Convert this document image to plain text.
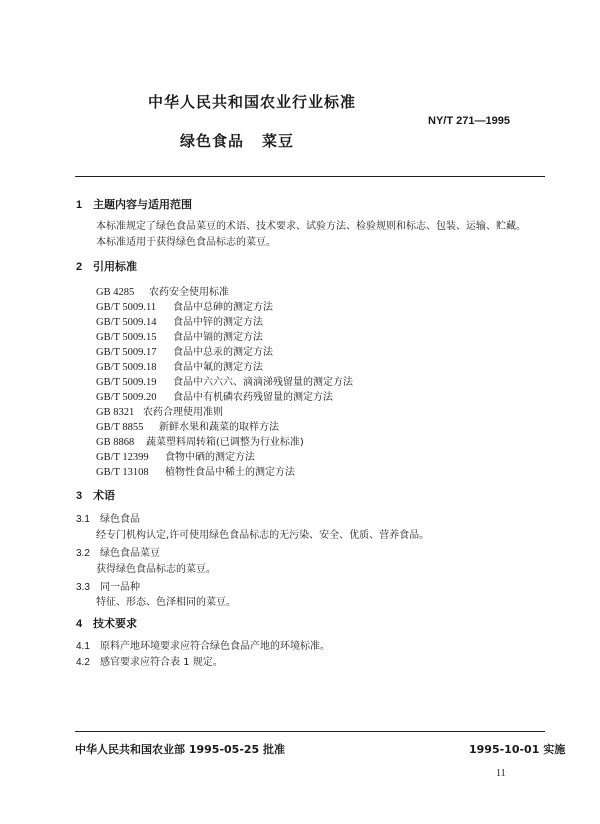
中华人民共和国农业行业标准
NY/T 271—1995
绿色食品 菜豆
1 主题内容与适用范围
本标准规定了绿色食品菜豆的术语、技术要求、试验方法、检验规则和标志、包装、运输、贮藏。
本标准适用于获得绿色食品标志的菜豆。
2 引用标准
GB 4285 农药安全使用标准
GB/T 5009.11 食品中总砷的测定方法
GB/T 5009.14 食品中锌的测定方法
GB/T 5009.15 食品中镉的测定方法
GB/T 5009.17 食品中总汞的测定方法
GB/T 5009.18 食品中氟的测定方法
GB/T 5009.19 食品中六六六、滴滴涕残留量的测定方法
GB/T 5009.20 食品中有机磷农药残留量的测定方法
GB 8321 农药合理使用准则
GB/T 8855 新鲜水果和蔬菜的取样方法
GB 8868 蔬菜塑料周转箱(已调整为行业标准)
GB/T 12399 食物中硒的测定方法
GB/T 13108 植物性食品中稀土的测定方法
3 术语
3.1 绿色食品
经专门机构认定,许可使用绿色食品标志的无污染、安全、优质、营养食品。
3.2 绿色食品菜豆
获得绿色食品标志的菜豆。
3.3 同一品种
特征、形态、色泽相同的菜豆。
4 技术要求
4.1 原料产地环境要求应符合绿色食品产地的环境标准。
4.2 感官要求应符合表 1 规定。
中华人民共和国农业部 1995-05-25 批准	1995-10-01 实施
11
